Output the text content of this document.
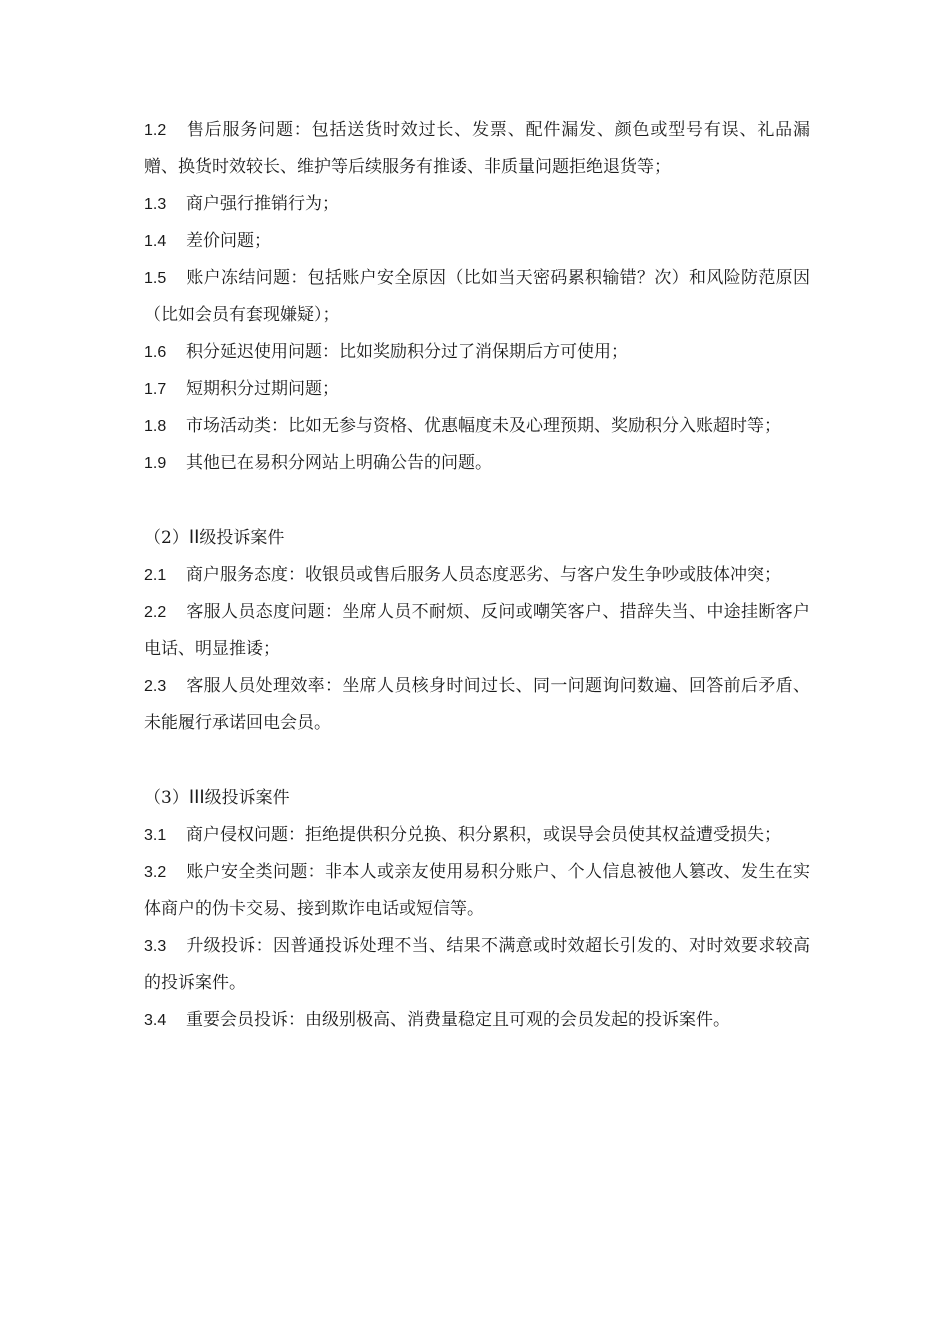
1.2 售后服务问题：包括送货时效过长、发票、配件漏发、颜色或型号有误、礼品漏赠、换货时效较长、维护等后续服务有推诿、非质量问题拒绝退货等；

1.3 商户强行推销行为；

1.4 差价问题；

1.5 账户冻结问题：包括账户安全原因（比如当天密码累积输错？次）和风险防范原因（比如会员有套现嫌疑）；

1.6 积分延迟使用问题：比如奖励积分过了消保期后方可使用；

1.7 短期积分过期问题；

1.8 市场活动类：比如无参与资格、优惠幅度未及心理预期、奖励积分入账超时等；

1.9 其他已在易积分网站上明确公告的问题。

（2）II级投诉案件

2.1 商户服务态度：收银员或售后服务人员态度恶劣、与客户发生争吵或肢体冲突；

2.2 客服人员态度问题：坐席人员不耐烦、反问或嘲笑客户、措辞失当、中途挂断客户电话、明显推诿；

2.3 客服人员处理效率：坐席人员核身时间过长、同一问题询问数遍、回答前后矛盾、未能履行承诺回电会员。

（3）III级投诉案件

3.1 商户侵权问题：拒绝提供积分兑换、积分累积，或误导会员使其权益遭受损失；

3.2 账户安全类问题：非本人或亲友使用易积分账户、个人信息被他人篡改、发生在实体商户的伪卡交易、接到欺诈电话或短信等。

3.3 升级投诉：因普通投诉处理不当、结果不满意或时效超长引发的、对时效要求较高的投诉案件。

3.4 重要会员投诉：由级别极高、消费量稳定且可观的会员发起的投诉案件。
